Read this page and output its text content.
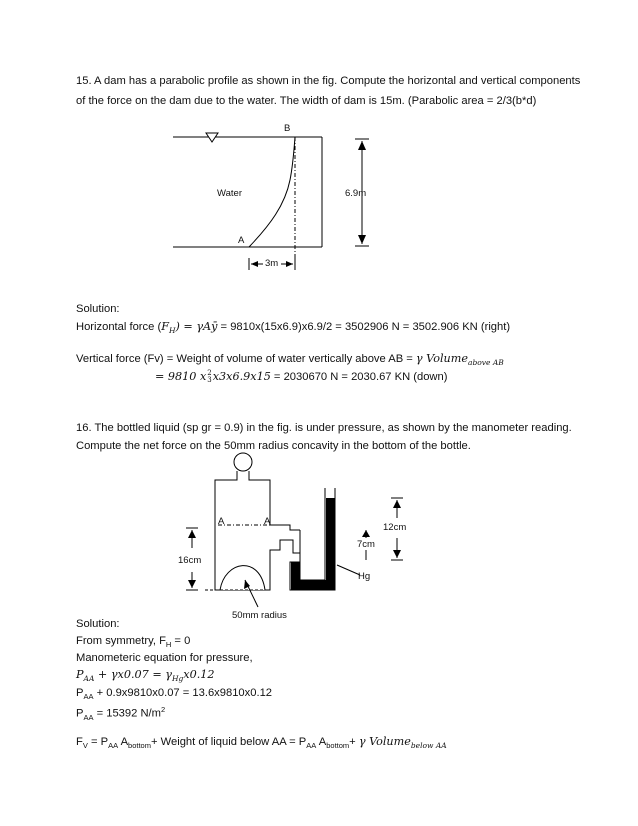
15. A dam has a parabolic profile as shown in the fig. Compute the horizontal and vertical components
of the force on the dam due to the water. The width of dam is 15m. (Parabolic area = 2/3(b*d)
B
Water	6.9m
A
3m
Solution:
Horizontal force $(F_H)$ = γAȳ = 9810x(15x6.9)x6.9/2 = 3502906 N = 3502.906 KN (right)
Vertical force (Fv) = Weight of volume of water vertically above AB = γ Volume$_{above AB}$
= 9810 x2
3x3x6.9x15 = 2030670 N = 2030.67 KN (down)
16. The bottled liquid (sp gr = 0.9) in the fig. is under pressure, as shown by the manometer reading.
Compute the net force on the 50mm radius concavity in the bottom of the bottle.
A	A
12cm
7cm
16cm
Hg
50mm radius
Solution:
From symmetry, $F_H = 0$
Manometeric equation for pressure,
$P_{AA} + \gamma x0.07 = \gamma_{Hg}x0.12$
$P_{AA} + 0.9x9810x0.07 = 13.6x9810x0.12$
$P_{AA} = 15392$ $N/m^2$
$F_V = P_{AA}$ $A_{bottom}+$ Weight of liquid below AA = $P_{AA}$ $A_{bottom}+ \gamma$ Volume$_{below AA}$
